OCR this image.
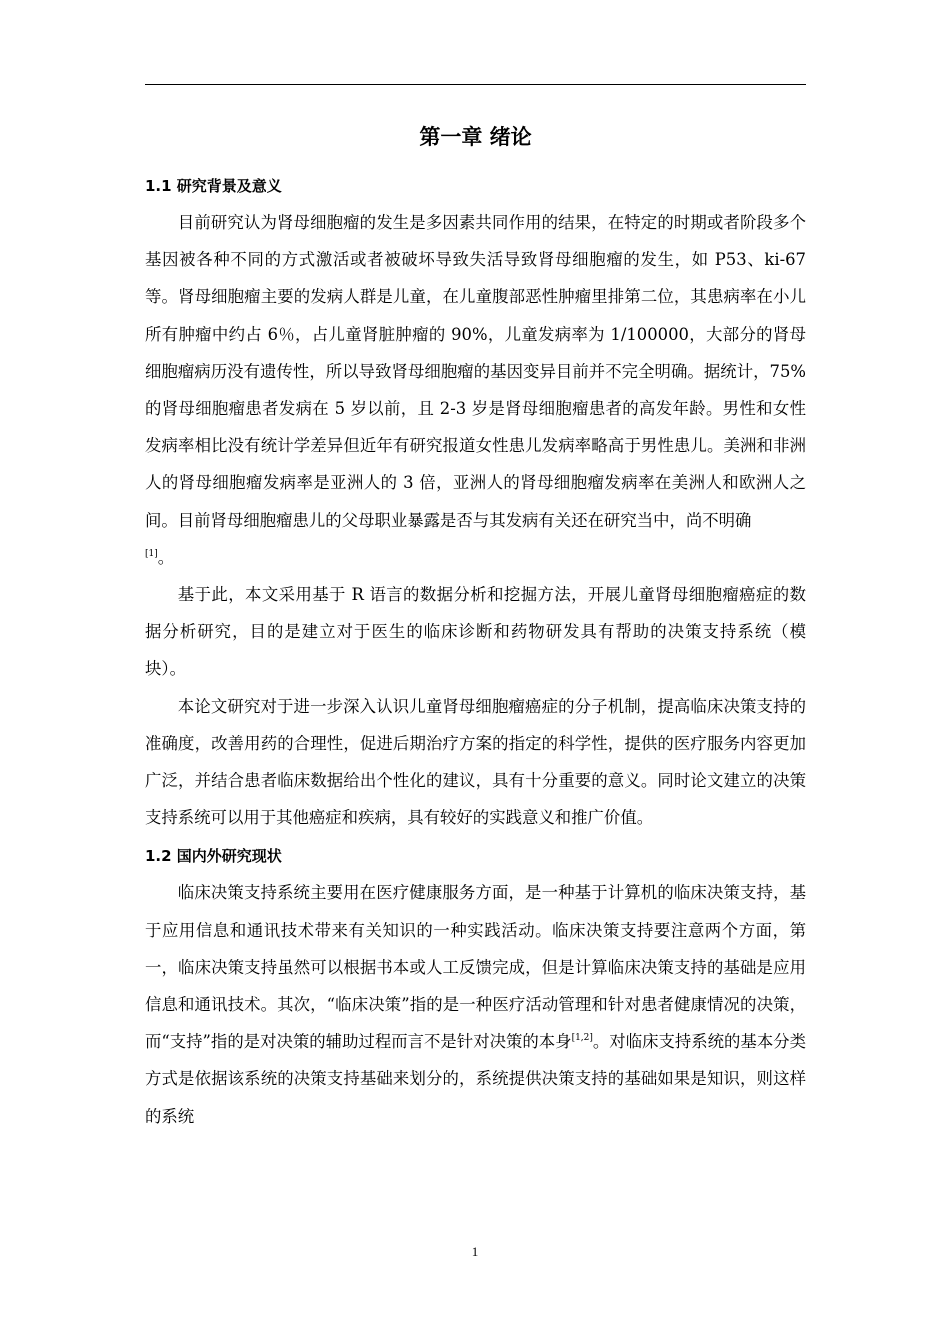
第一章 绪论
1.1 研究背景及意义

目前研究认为肾母细胞瘤的发生是多因素共同作用的结果，在特定的时期或者阶段多个基因被各种不同的方式激活或者被破坏导致失活导致肾母细胞瘤的发生，如 P53、ki-67 等。肾母细胞瘤主要的发病人群是儿童，在儿童腹部恶性肿瘤里排第二位，其患病率在小儿所有肿瘤中约占 6％，占儿童肾脏肿瘤的 90%，儿童发病率为 1/100000，大部分的肾母细胞瘤病历没有遗传性，所以导致肾母细胞瘤的基因变异目前并不完全明确。据统计，75%的肾母细胞瘤患者发病在 5 岁以前，且 2-3 岁是肾母细胞瘤患者的高发年龄。男性和女性发病率相比没有统计学差异但近年有研究报道女性患儿发病率略高于男性患儿。美洲和非洲人的肾母细胞瘤发病率是亚洲人的 3 倍，亚洲人的肾母细胞瘤发病率在美洲人和欧洲人之间。目前肾母细胞瘤患儿的父母职业暴露是否与其发病有关还在研究当中，尚不明确
[1]。

基于此，本文采用基于 R 语言的数据分析和挖掘方法，开展儿童肾母细胞瘤癌症的数据分析研究，目的是建立对于医生的临床诊断和药物研发具有帮助的决策支持系统（模块）。

本论文研究对于进一步深入认识儿童肾母细胞瘤癌症的分子机制，提高临床决策支持的准确度，改善用药的合理性，促进后期治疗方案的指定的科学性，提供的医疗服务内容更加广泛，并结合患者临床数据给出个性化的建议，具有十分重要的意义。同时论文建立的决策支持系统可以用于其他癌症和疾病，具有较好的实践意义和推广价值。

1.2 国内外研究现状

临床决策支持系统主要用在医疗健康服务方面，是一种基于计算机的临床决策支持，基于应用信息和通讯技术带来有关知识的一种实践活动。临床决策支持要注意两个方面，第一，临床决策支持虽然可以根据书本或人工反馈完成，但是计算临床决策支持的基础是应用信息和通讯技术。其次，“临床决策”指的是一种医疗活动管理和针对患者健康情况的决策，而“支持”指的是对决策的辅助过程而言不是针对决策的本身[1,2]。对临床支持系统的基本分类方式是依据该系统的决策支持基础来划分的，系统提供决策支持的基础如果是知识，则这样的系统

1
